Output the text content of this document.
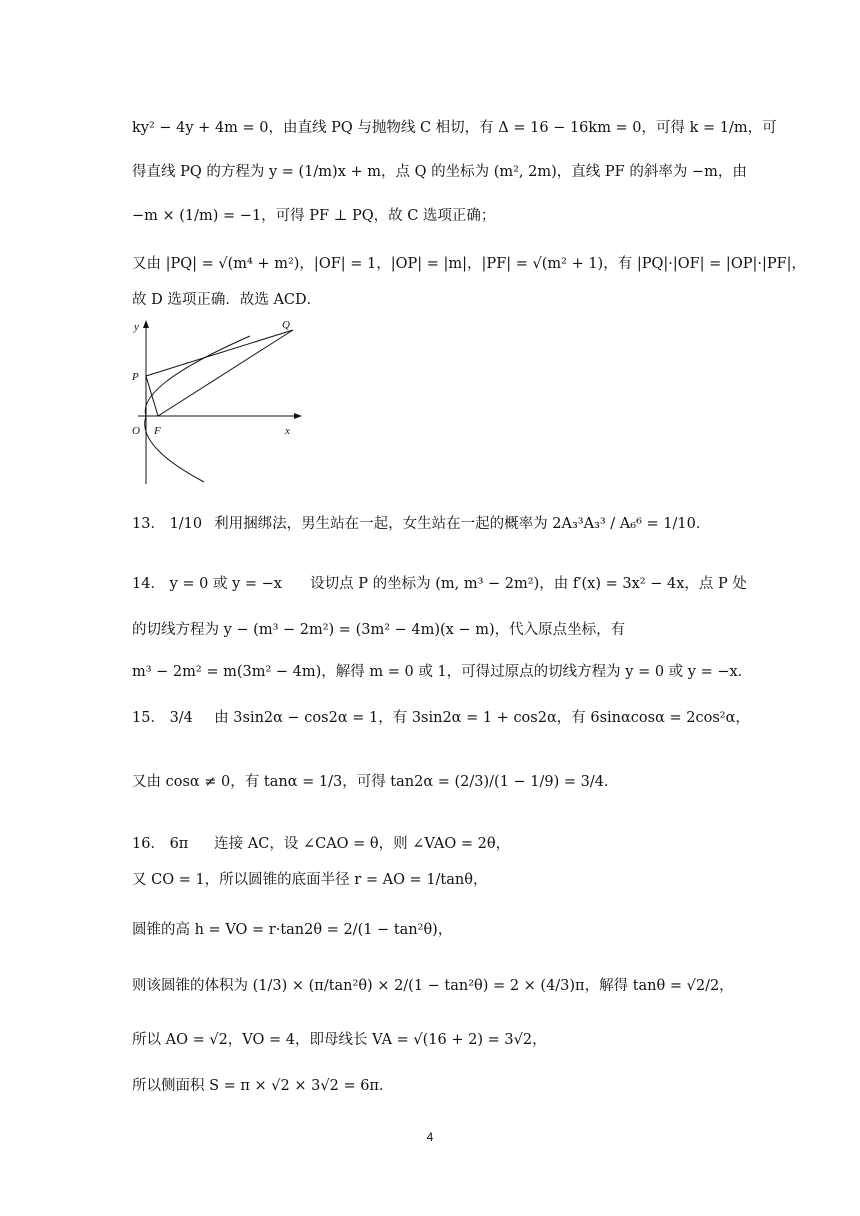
ky² − 4y + 4m = 0，由直线 PQ 与抛物线 C 相切，有 Δ = 16 − 16km = 0，可得 k = 1/m，可
得直线 PQ 的方程为 y = (1/m)x + m，点 Q 的坐标为 (m², 2m)，直线 PF 的斜率为 −m，由
−m × (1/m) = −1，可得 PF ⊥ PQ，故 C 选项正确；
又由 |PQ| = √(m⁴ + m²)，|OF| = 1，|OP| = |m|，|PF| = √(m² + 1)，有 |PQ|·|OF| = |OP|·|PF|，
故 D 选项正确．故选 ACD．
y
x
O F
P
Q
13． 1/10 利用捆绑法，男生站在一起，女生站在一起的概率为 2A₃³A₃³ / A₆⁶ = 1/10．
14． y = 0 或 y = −x 设切点 P 的坐标为 (m, m³ − 2m²)，由 f′(x) = 3x² − 4x，点 P 处
的切线方程为 y − (m³ − 2m²) = (3m² − 4m)(x − m)，代入原点坐标，有
m³ − 2m² = m(3m² − 4m)，解得 m = 0 或 1，可得过原点的切线方程为 y = 0 或 y = −x．
15． 3/4 由 3sin2α − cos2α = 1，有 3sin2α = 1 + cos2α，有 6sinαcosα = 2cos²α，
又由 cosα ≠ 0，有 tanα = 1/3，可得 tan2α = (2/3)/(1 − 1/9) = 3/4．
16． 6π 连接 AC，设 ∠CAO = θ，则 ∠VAO = 2θ，
又 CO = 1，所以圆锥的底面半径 r = AO = 1/tanθ，
圆锥的高 h = VO = r·tan2θ = 2/(1 − tan²θ)，
则该圆锥的体积为 (1/3) × (π/tan²θ) × 2/(1 − tan²θ) = 2 × (4/3)π，解得 tanθ = √2/2，
所以 AO = √2，VO = 4，即母线长 VA = √(16 + 2) = 3√2，
所以侧面积 S = π × √2 × 3√2 = 6π．
4
